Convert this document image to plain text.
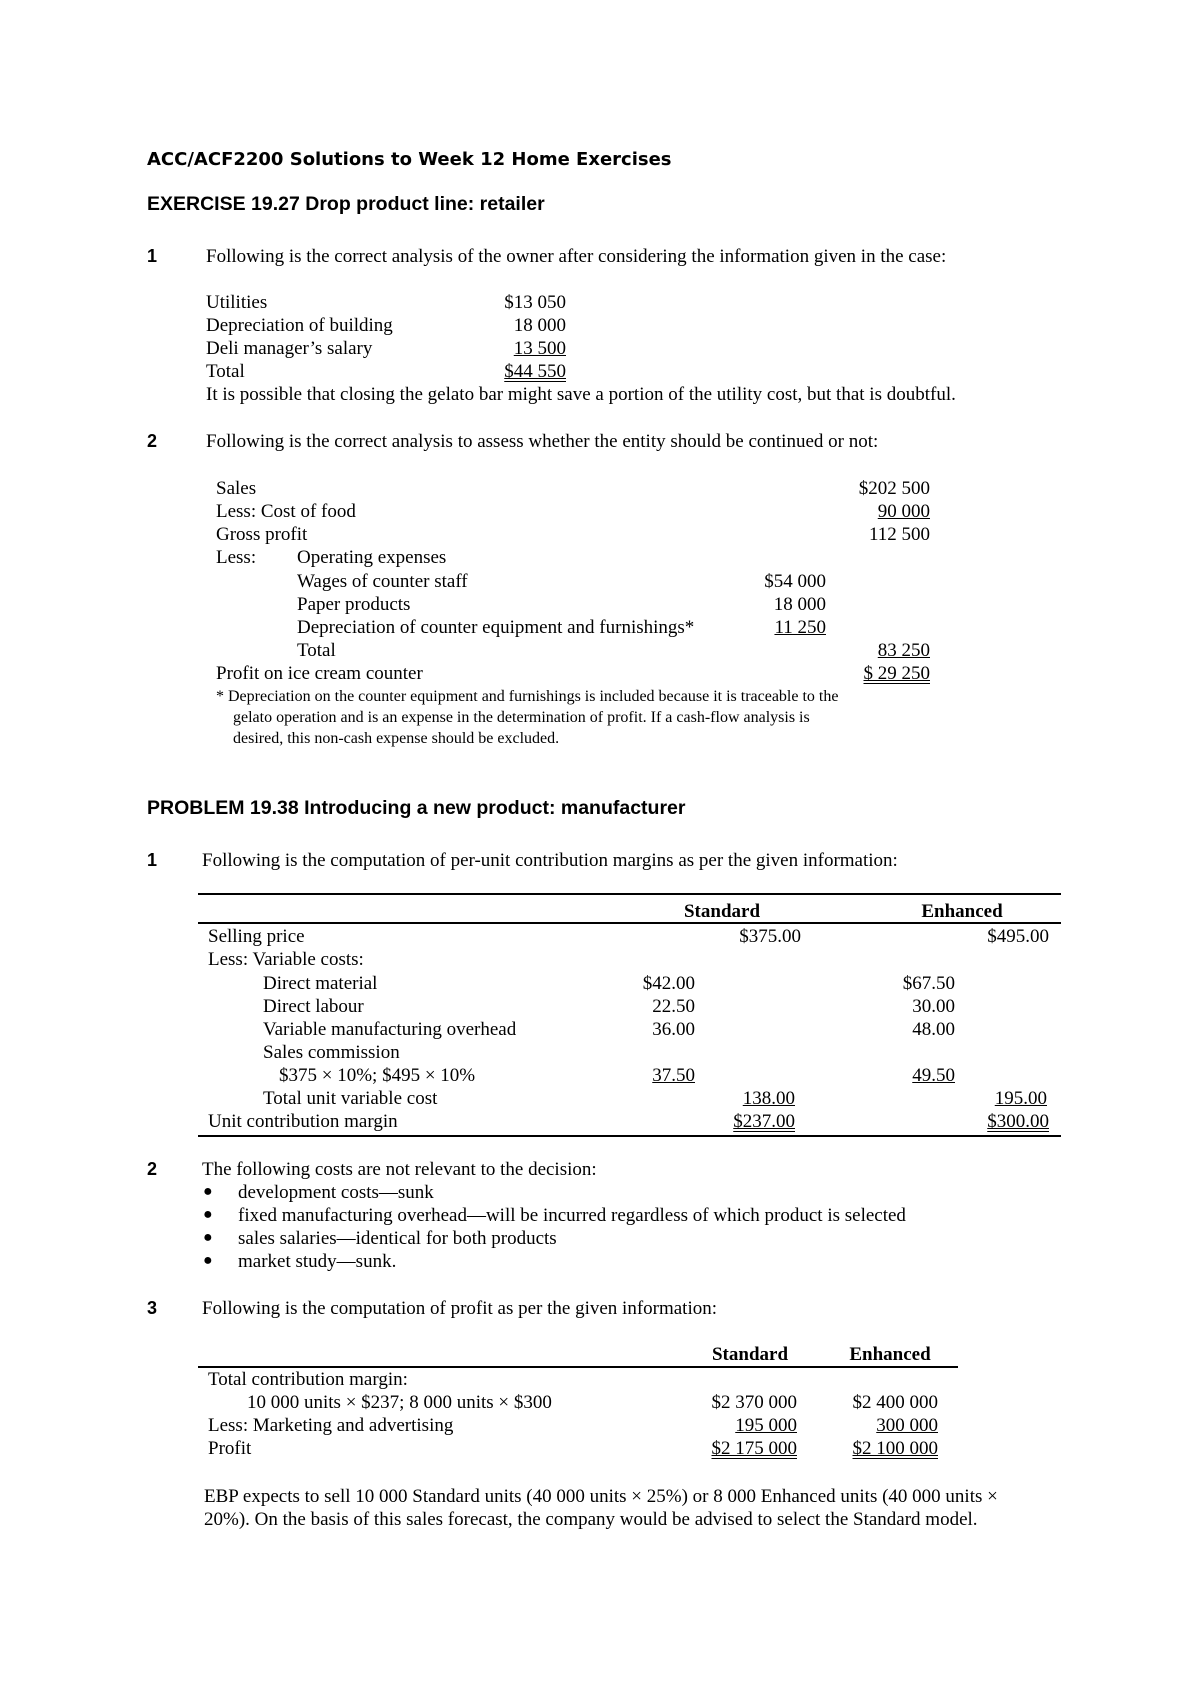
ACC/ACF2200 Solutions to Week 12 Home Exercises
EXERCISE 19.27 Drop product line: retailer
1	Following is the correct analysis of the owner after considering the information given in the case:
Utilities	$13 050
Depreciation of building	18 000
Deli manager’s salary	13 500
Total	$44 550
It is possible that closing the gelato bar might save a portion of the utility cost, but that is doubtful.
2	Following is the correct analysis to assess whether the entity should be continued or not:
Sales	$202 500
Less: Cost of food	90 000
Gross profit	112 500
Less: Operating expenses
Wages of counter staff	$54 000
Paper products	18 000
Depreciation of counter equipment and furnishings*	11 250
Total	83 250
Profit on ice cream counter	$ 29 250
* Depreciation on the counter equipment and furnishings is included because it is traceable to the
gelato operation and is an expense in the determination of profit. If a cash-flow analysis is
desired, this non-cash expense should be excluded.
PROBLEM 19.38 Introducing a new product: manufacturer
1 Following is the computation of per-unit contribution margins as per the given information:
Standard	Enhanced
Selling price	$375.00	$495.00
Less: Variable costs:
Direct material	$42.00	$67.50
Direct labour	22.50	30.00
Variable manufacturing overhead	36.00	48.00
Sales commission
$375 × 10%; $495 × 10%	37.50	49.50
Total unit variable cost	138.00	195.00
Unit contribution margin	$237.00	$300.00
2 The following costs are not relevant to the decision:
● development costs—sunk
● fixed manufacturing overhead—will be incurred regardless of which product is selected
● sales salaries—identical for both products
● market study—sunk.
3 Following is the computation of profit as per the given information:
Standard	Enhanced
Total contribution margin:
10 000 units × $237; 8 000 units × $300	$2 370 000	$2 400 000
Less: Marketing and advertising	195 000	300 000
Profit	$2 175 000	$2 100 000
EBP expects to sell 10 000 Standard units (40 000 units × 25%) or 8 000 Enhanced units (40 000 units ×
20%). On the basis of this sales forecast, the company would be advised to select the Standard model.
